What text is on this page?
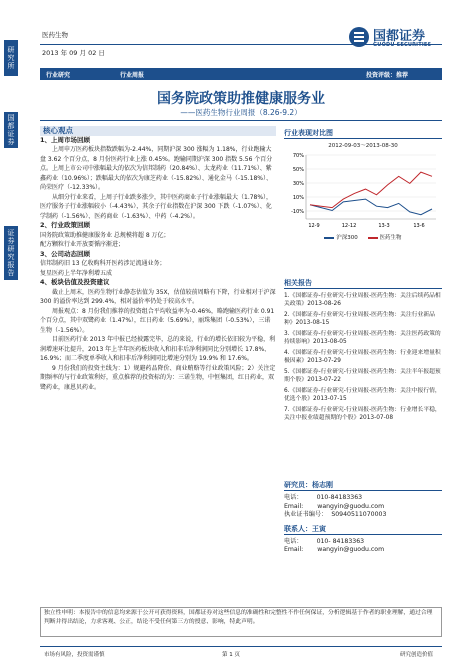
研究所
国都证券
证券研究报告
医药生物
2013 年 09 月 02 日
国都证券
GUODU SECURITIES
行业研究	行业周报	投资评级：推荐
国务院政策助推健康服务业
——医药生物行业周报（8.26-9.2）

核心观点

1、上周市场回顾

上周申万医药板块指数跌幅为-2.44%，同期沪深 300 涨幅为 1.18%，行业跑输大盘 3.62 个百分点，8 月份医药行业上涨 0.45%。跑输同期沪深 300 指数 5.56 个百分点。上周上市公司中涨幅最大的依次为信邦制药（20.84%）、太龙药业（11.71%）、紫鑫药业（10.96%）；跌幅最大的依次为康芝药业（-15.82%）、通化金马（-15.18%）、尚荣医疗（-12.33%）。

从细分行业来看，上周子行业跌多涨少，其中医药商业子行业涨幅最大（1.78%），医疗服务子行业涨幅较小（-4.43%），其余子行业指数在沪深 300 下跌（-1.07%）、化学制药（-1.56%）、医药商业（-1.63%）、中药（-4.2%）。

2、行业政策回顾

国务院政策助推健康服务业 总规模将超 8 万亿；

配方颗粒行业开放要循序渐进；

3、公司动态回顾

信邦制药旧 13 亿收购科开医药涉足流通业务；

复星医药上半年净利增五成

4、板块估值及投资建议

截止上周末，医药生物行业静态估值为 35X，估值较前周略有下降，行业相对于沪深 300 的溢价率达到 299.4%，相对溢价率仍处于较高水平。

周报观点：8 月份我们推荐的投资组合平均收益率为-0.46%，略跑输医药行业 0.91 个百分点，其中双鹭药业（1.47%），红日药业（5.69%），丽珠集团（-0.53%），三诺生物（-1.56%）。

目前医药行业 2013 年中报已经披露完毕，总的来说，行业的增长依旧较为平稳，利润增速环比提升，2013 年上半年医药板块收入和扣非后净利润同比分别增长 17.8%、16.9%；而二季度单季收入和扣非后净利润同比增速分别为 19.9% 和 17.6%。

9 月份我们的投资主线为：1）规避药品降价、商业贿赂等行业政策风险；2）关注定期频率的与行业政策利好，重点推荐的投资标的为：三诺生物，中恒集团，红日药业，双鹭药业，康恩贝药业。

行业表现对比图
2012-09-03～2013-08-30
70%
50%
30%
10%
-10%
12-9	12-12	13-3	13-6
沪深300	医药生物
相关报告
1.《国都证券-行业研究-行业周报-医药生物：关注后续药品相关政策》2013-08-26
2.《国都证券-行业研究-行业周报-医药生物：关注行业新品种》2013-08-15
3.《国都证券-行业研究-行业周报-医药生物：关注医药政策的持续影响》2013-08-05
4.《国都证券-行业研究-行业周报-医药生物：行业迎来增量积极因素》2013-07-29
5.《国都证券-行业研究-行业周报-医药生物：关注半年报超预期个股》2013-07-22
6.《国都证券-行业研究-行业周报-医药生物：关注中报行情，优选个股》2013-07-15
7.《国都证券-行业研究-行业周报-医药生物：行业增长平稳，关注中报业绩超预期的个股》2013-07-08
研究员：杨志刚
电话： 010-84183363
Email: wangyin@guodu.com
执业证书编号： S0940511070003
联系人：王寅
电话： 010- 84183363
Email: wangyin@guodu.com
独立性申明：本报告中的信息均来源于公开可获得资料，国都证券对这些信息的准确性和完整性不作任何保证，分析逻辑基于作者的职业理解，通过合理判断并得出结论，力求客观、公正，结论不受任何第三方的授意、影响，特此声明。
市场有风险，投资需谨慎	第 1 页	研究创造价值
